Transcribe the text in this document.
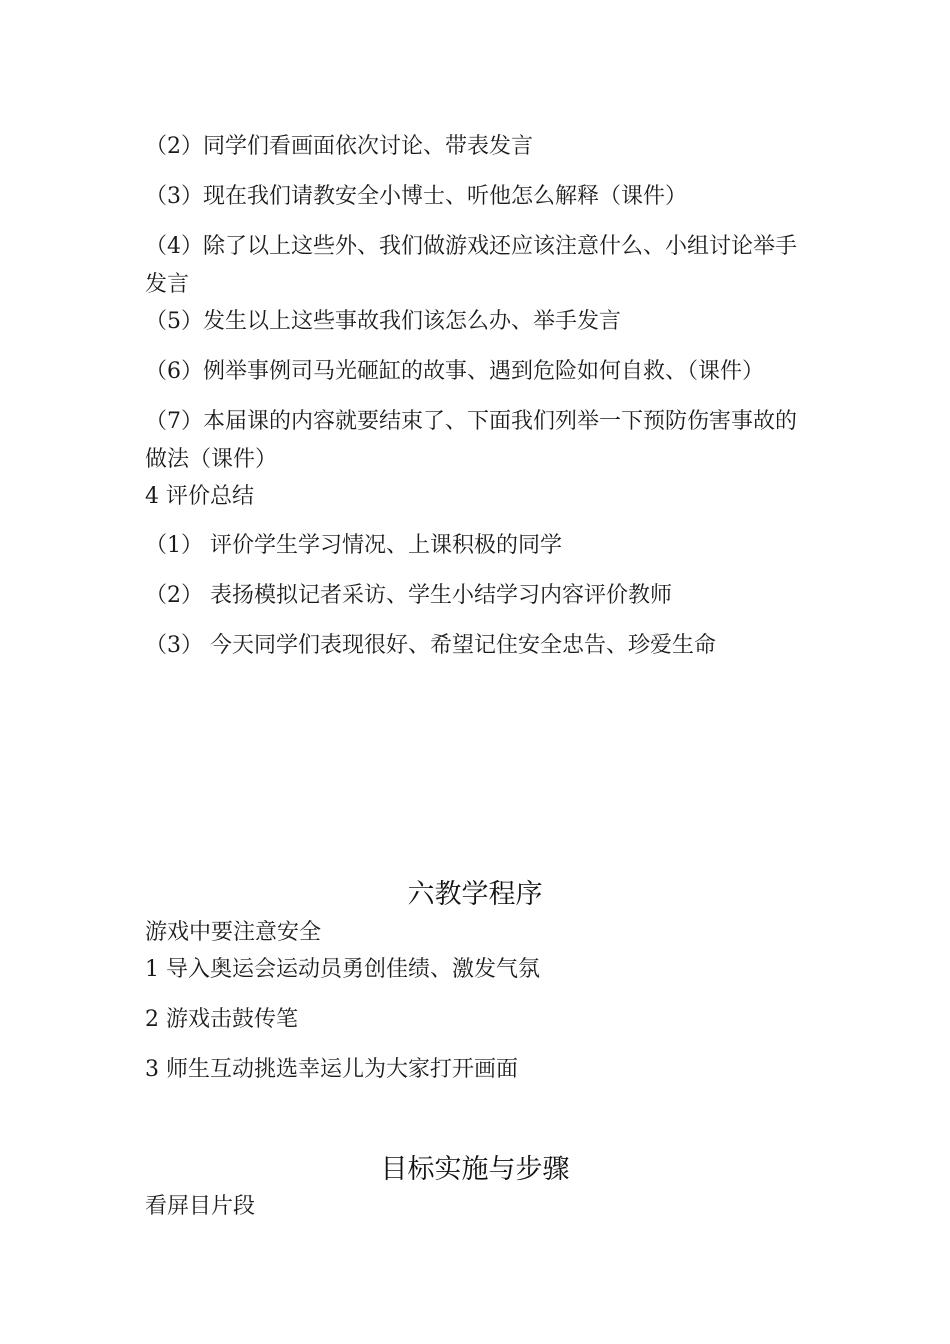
（2）同学们看画面依次讨论、带表发言
（3）现在我们请教安全小博士、听他怎么解释（课件）
（4）除了以上这些外、我们做游戏还应该注意什么、小组讨论举手发言
（5）发生以上这些事故我们该怎么办、举手发言
（6）例举事例司马光砸缸的故事、遇到危险如何自救、（课件）
（7）本届课的内容就要结束了、下面我们列举一下预防伤害事故的做法（课件）
4 评价总结
（1） 评价学生学习情况、上课积极的同学
（2） 表扬模拟记者采访、学生小结学习内容评价教师
（3） 今天同学们表现很好、希望记住安全忠告、珍爱生命
六教学程序
游戏中要注意安全
1 导入奥运会运动员勇创佳绩、激发气氛
2 游戏击鼓传笔
3 师生互动挑选幸运儿为大家打开画面
目标实施与步骤
看屏目片段
